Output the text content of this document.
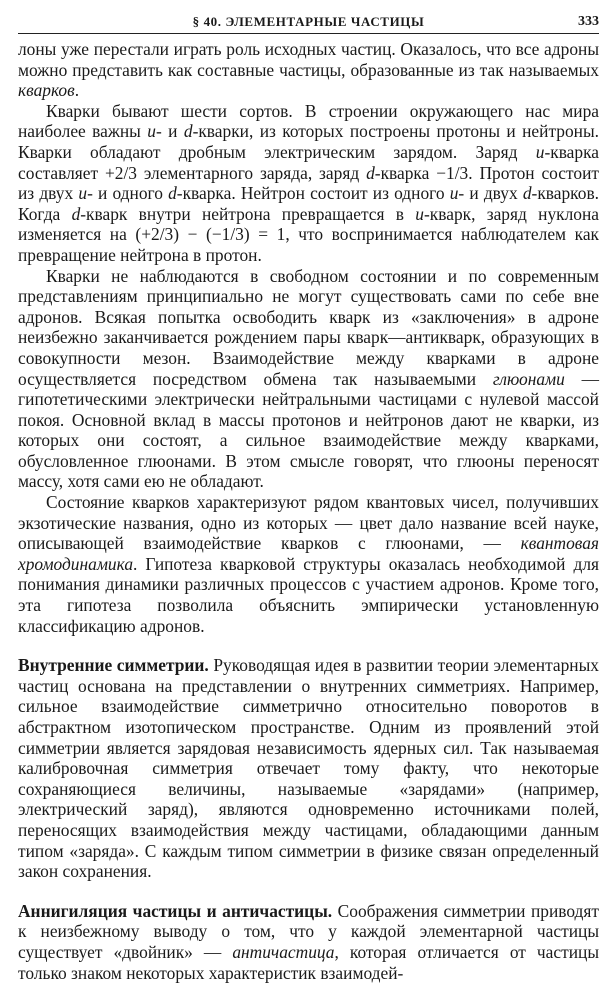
§ 40. ЭЛЕМЕНТАРНЫЕ ЧАСТИЦЫ	333

лоны уже перестали играть роль исходных частиц. Оказалось, что все адроны можно представить как составные частицы, образованные из так называемых кварков.

Кварки бывают шести сортов. В строении окружающего нас мира наиболее важны u- и d-кварки, из которых построены протоны и нейтроны. Кварки обладают дробным электрическим зарядом. Заряд u-кварка составляет +2/3 элементарного заряда, заряд d-кварка −1/3. Протон состоит из двух u- и одного d-кварка. Нейтрон состоит из одного u- и двух d-кварков. Когда d-кварк внутри нейтрона превращается в u-кварк, заряд нуклона изменяется на (+2/3) − (−1/3) = 1, что воспринимается наблюдателем как превращение нейтрона в протон.

Кварки не наблюдаются в свободном состоянии и по современным представлениям принципиально не могут существовать сами по себе вне адронов. Всякая попытка освободить кварк из «заключения» в адроне неизбежно заканчивается рождением пары кварк—антикварк, образующих в совокупности мезон. Взаимодействие между кварками в адроне осуществляется посредством обмена так называемыми глюонами — гипотетическими электрически нейтральными частицами с нулевой массой покоя. Основной вклад в массы протонов и нейтронов дают не кварки, из которых они состоят, а сильное взаимодействие между кварками, обусловленное глюонами. В этом смысле говорят, что глюоны переносят массу, хотя сами ею не обладают.

Состояние кварков характеризуют рядом квантовых чисел, получивших экзотические названия, одно из которых — цвет дало название всей науке, описывающей взаимодействие кварков с глюонами, — квантовая хромодинамика. Гипотеза кварковой структуры оказалась необходимой для понимания динамики различных процессов с участием адронов. Кроме того, эта гипотеза позволила объяснить эмпирически установленную классификацию адронов.

Внутренние симметрии. Руководящая идея в развитии теории элементарных частиц основана на представлении о внутренних симметриях. Например, сильное взаимодействие симметрично относительно поворотов в абстрактном изотопическом пространстве. Одним из проявлений этой симметрии является зарядовая независимость ядерных сил. Так называемая калибровочная симметрия отвечает тому факту, что некоторые сохраняющиеся величины, называемые «зарядами» (например, электрический заряд), являются одновременно источниками полей, переносящих взаимодействия между частицами, обладающими данным типом «заряда». С каждым типом симметрии в физике связан определенный закон сохранения.

Аннигиляция частицы и античастицы. Соображения симметрии приводят к неизбежному выводу о том, что у каждой элементарной частицы существует «двойник» — античастица, которая отличается от частицы только знаком некоторых характеристик взаимодей-
